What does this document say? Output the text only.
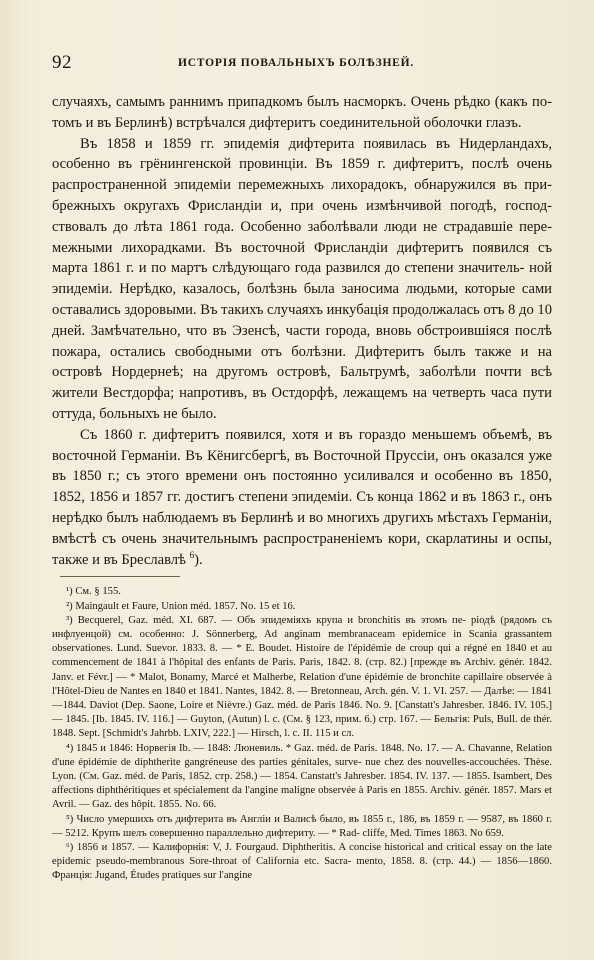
92	ИСТОРІЯ ПОВАЛЬНЫХЪ БОЛѢЗНЕЙ.

случаяхъ, самымъ раннимъ припадкомъ былъ насморкъ. Очень рѣдко (какъ по- томъ и въ Берлинѣ) встрѣчался дифтеритъ соединительной оболочки глазъ.

Въ 1858 и 1859 гг. эпидемія дифтерита появилась въ Нидерландахъ, особенно въ грёнингенской провинціи. Въ 1859 г. дифтеритъ, послѣ очень распространенной эпидеміи перемежныхъ лихорадокъ, обнаружился въ при- брежныхъ округахъ Фрисландіи и, при очень измѣнчивой погодѣ, господ- ствовалъ до лѣта 1861 года. Особенно заболѣвали люди не страдавшіе пере- межными лихорадками. Въ восточной Фрисландіи дифтеритъ появился съ марта 1861 г. и по мартъ слѣдующаго года развился до степени значитель- ной эпидеміи. Нерѣдко, казалось, болѣзнь была заносима людьми, которые сами оставались здоровыми. Въ такихъ случаяхъ инкубація продолжалась отъ 8 до 10 дней. Замѣчательно, что въ Эзенсѣ, части города, вновь обстроившіяся послѣ пожара, остались свободными отъ болѣзни. Дифтеритъ былъ также и на островѣ Нордернеѣ; на другомъ островѣ, Бальтрумѣ, заболѣли почти всѣ жители Вестдорфа; напротивъ, въ Остдорфѣ, лежащемъ на четверть часа пути оттуда, больныхъ не было.

Съ 1860 г. дифтеритъ появился, хотя и въ гораздо меньшемъ объемѣ, въ восточной Германіи. Въ Кёнигсбергѣ, въ Восточной Пруссіи, онъ оказался уже въ 1850 г.; съ этого времени онъ постоянно усиливался и особенно въ 1850, 1852, 1856 и 1857 гг. достигъ степени эпидеміи. Съ конца 1862 и въ 1863 г., онъ нерѣдко былъ наблюдаемъ въ Берлинѣ и во многихъ другихъ мѣстахъ Германіи, вмѣстѣ съ очень значительнымъ распространеніемъ кори, скарлатины и оспы, также и въ Бреславлѣ $^6$).

¹) См. § 155.

²) Maingault et Faure, Union méd. 1857. No. 15 et 16.

³) Becquerel, Gaz. méd. XI. 687. — Объ эпидеміяхъ крупа и bronchitis въ этомъ пе- ріодѣ (рядомъ съ инфлуенцой) см. особенно: J. Sönnerberg, Ad anginam membranaceam epidemice in Scania grassantem observationes. Lund. Suevor. 1833. 8. — * E. Boudet. Histoire de l'épidémie de croup qui a régné en 1840 et au commencement de 1841 à l'hôpital des enfants de Paris. Paris, 1842. 8. (стр. 82.) [прежде въ Archiv. génér. 1842. Janv. et Févr.] — * Malot, Bonamy, Marcé et Malherbe, Relation d'une épidémie de bronchite capillaire observée à l'Hôtel-Dieu de Nantes en 1840 et 1841. Nantes, 1842. 8. — Bretonneau, Arch. gén. V. 1. VI. 257. — Далѣе: — 1841—1844. Daviot (Dep. Saone, Loire et Nièvre.) Gaz. méd. de Paris 1846. No. 9. [Canstatt's Jahresber. 1846. IV. 105.] — 1845. [Ib. 1845. IV. 116.] — Guyton, (Autun) l. c. (См. § 123, прим. 6.) стр. 167. — Бельгія: Puls, Bull. de thér. 1848. Sept. [Schmidt's Jahrbb. LXIV, 222.] — Hirsch, l. c. II. 115 и сл.

⁴) 1845 и 1846: Норвегія Ib. — 1848: Люневиль. * Gaz. méd. de Paris. 1848. No. 17. — A. Chavanne, Relation d'une épidémie de diphtherite gangréneuse des parties génitales, surve- nue chez des nouvelles-accouchées. Thèse. Lyon. (См. Gaz. méd. de Paris, 1852. стр. 258.) — 1854. Canstatt's Jahresber. 1854. IV. 137. — 1855. Isambert, Des affections diphthéritiques et spécialement da l'angine maligne observée à Paris en 1855. Archiv. génér. 1857. Mars et Avril. — Gaz. des hôpit. 1855. No. 66.

⁵) Число умершихъ отъ дифтерита въ Англіи и Валисѣ было, въ 1855 г., 186, въ 1859 г. — 9587, въ 1860 г. — 5212. Крупъ шелъ совершенно параллельно дифтериту. — * Rad- cliffe, Med. Times 1863. No 659.

⁶) 1856 и 1857. — Калифорнія: V, J. Fourgaud. Diphtheritis. A concise historical and critical essay on the late epidemic pseudo-membranous Sore-throat of California etc. Sacra- mento, 1858. 8. (стр. 44.) — 1856—1860. Франція: Jugand, Études pratiques sur l'angine
